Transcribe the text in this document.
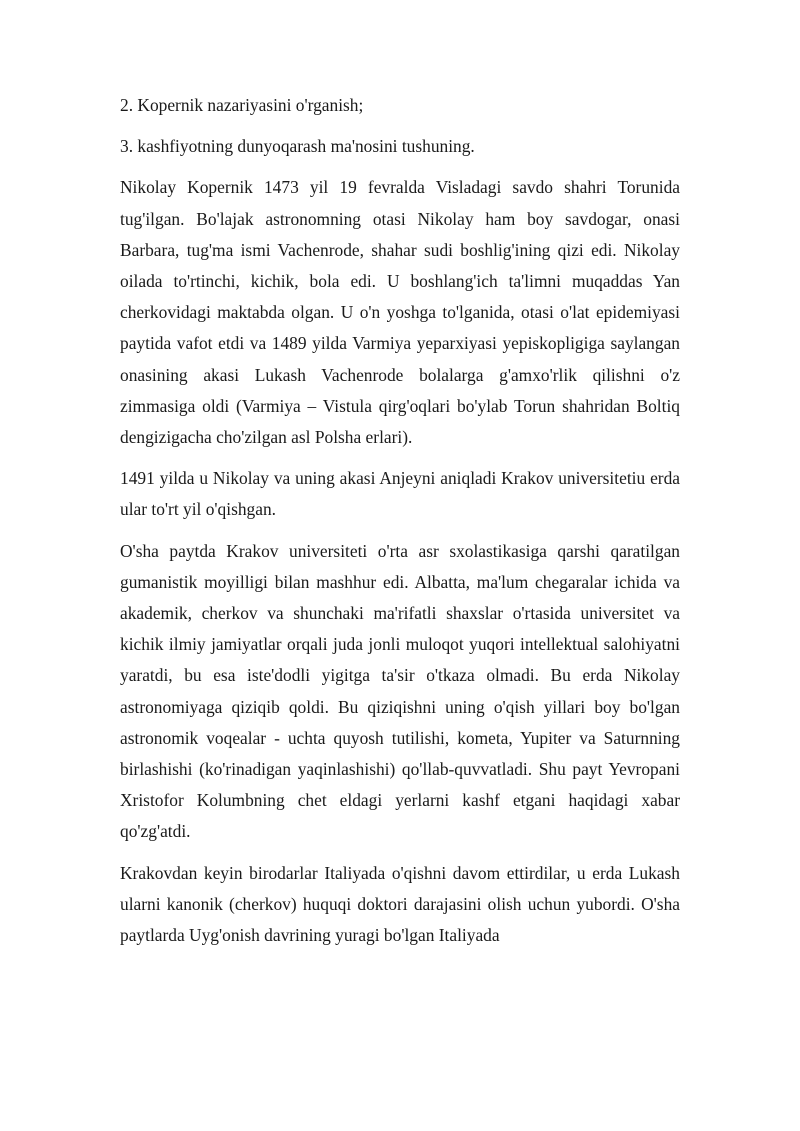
2. Kopernik nazariyasini o'rganish;

3. kashfiyotning dunyoqarash ma'nosini tushuning.

Nikolay Kopernik 1473 yil 19 fevralda Visladagi savdo shahri Torunida tug'ilgan. Bo'lajak astronomning otasi Nikolay ham boy savdogar, onasi Barbara, tug'ma ismi Vachenrode, shahar sudi boshlig'ining qizi edi. Nikolay oilada to'rtinchi, kichik, bola edi. U boshlang'ich ta'limni muqaddas Yan cherkovidagi maktabda olgan. U o'n yoshga to'lganida, otasi o'lat epidemiyasi paytida vafot etdi va 1489 yilda Varmiya yeparxiyasi yepiskopligiga saylangan onasining akasi Lukash Vachenrode bolalarga g'amxo'rlik qilishni o'z zimmasiga oldi (Varmiya – Vistula qirg'oqlari bo'ylab Torun shahridan Boltiq dengizigacha cho'zilgan asl Polsha erlari).

1491 yilda u Nikolay va uning akasi Anjeyni aniqladi Krakov universitetiu erda ular to'rt yil o'qishgan.

O'sha paytda Krakov universiteti o'rta asr sxolastikasiga qarshi qaratilgan gumanistik moyilligi bilan mashhur edi. Albatta, ma'lum chegaralar ichida va akademik, cherkov va shunchaki ma'rifatli shaxslar o'rtasida universitet va kichik ilmiy jamiyatlar orqali juda jonli muloqot yuqori intellektual salohiyatni yaratdi, bu esa iste'dodli yigitga ta'sir o'tkaza olmadi. Bu erda Nikolay astronomiyaga qiziqib qoldi. Bu qiziqishni uning o'qish yillari boy bo'lgan astronomik voqealar - uchta quyosh tutilishi, kometa, Yupiter va Saturnning birlashishi (ko'rinadigan yaqinlashishi) qo'llab-quvvatladi. Shu payt Yevropani Xristofor Kolumbning chet eldagi yerlarni kashf etgani haqidagi xabar qo'zg'atdi.

Krakovdan keyin birodarlar Italiyada o'qishni davom ettirdilar, u erda Lukash ularni kanonik (cherkov) huquqi doktori darajasini olish uchun yubordi. O'sha paytlarda Uyg'onish davrining yuragi bo'lgan Italiyada
